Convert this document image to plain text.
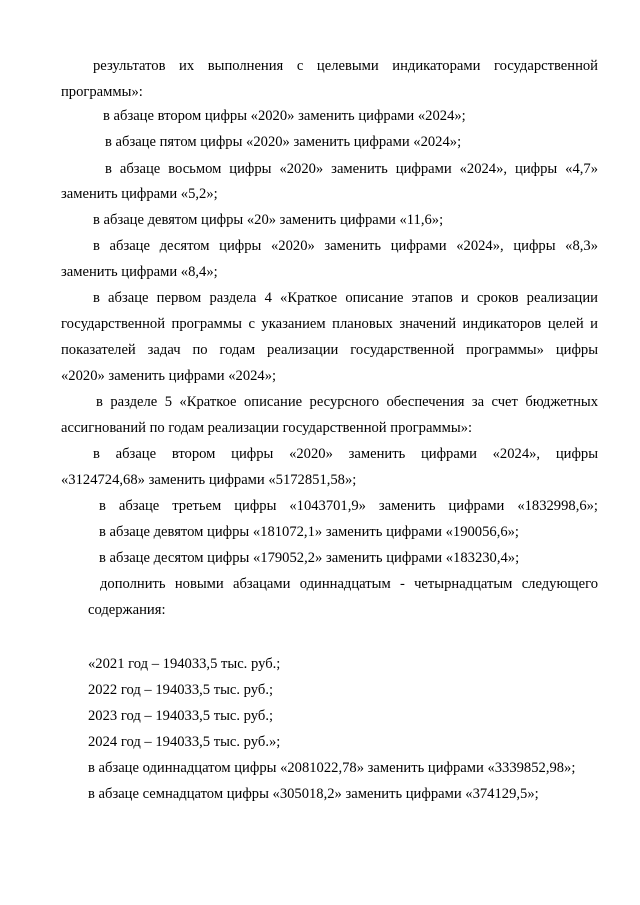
результатов их выполнения с целевыми индикаторами государственной

программы»:

в абзаце втором цифры «2020» заменить цифрами «2024»;

в абзаце пятом цифры «2020» заменить цифрами «2024»;

в абзаце восьмом цифры «2020» заменить цифрами «2024», цифры «4,7»

заменить цифрами «5,2»;

в абзаце девятом цифры «20» заменить цифрами «11,6»;

в абзаце десятом цифры «2020» заменить цифрами «2024», цифры «8,3»

заменить цифрами «8,4»;

в абзаце первом раздела 4 «Краткое описание этапов и сроков реализации

государственной программы с указанием плановых значений индикаторов целей и

показателей задач по годам реализации государственной программы» цифры

«2020» заменить цифрами «2024»;

в разделе 5 «Краткое описание ресурсного обеспечения за счет бюджетных

ассигнований по годам реализации государственной программы»:

в абзаце втором цифры «2020» заменить цифрами «2024», цифры

«3124724,68» заменить цифрами «5172851,58»;

в абзаце третьем цифры «1043701,9» заменить цифрами «1832998,6»;

в абзаце девятом цифры «181072,1» заменить цифрами «190056,6»;

в абзаце десятом цифры «179052,2» заменить цифрами «183230,4»;

дополнить новыми абзацами одиннадцатым - четырнадцатым следующего

содержания:

«2021 год – 194033,5 тыс. руб.;

2022 год – 194033,5 тыс. руб.;

2023 год – 194033,5 тыс. руб.;

2024 год – 194033,5 тыс. руб.»;

в абзаце одиннадцатом цифры «2081022,78» заменить цифрами «3339852,98»;

в абзаце семнадцатом цифры «305018,2» заменить цифрами «374129,5»;
